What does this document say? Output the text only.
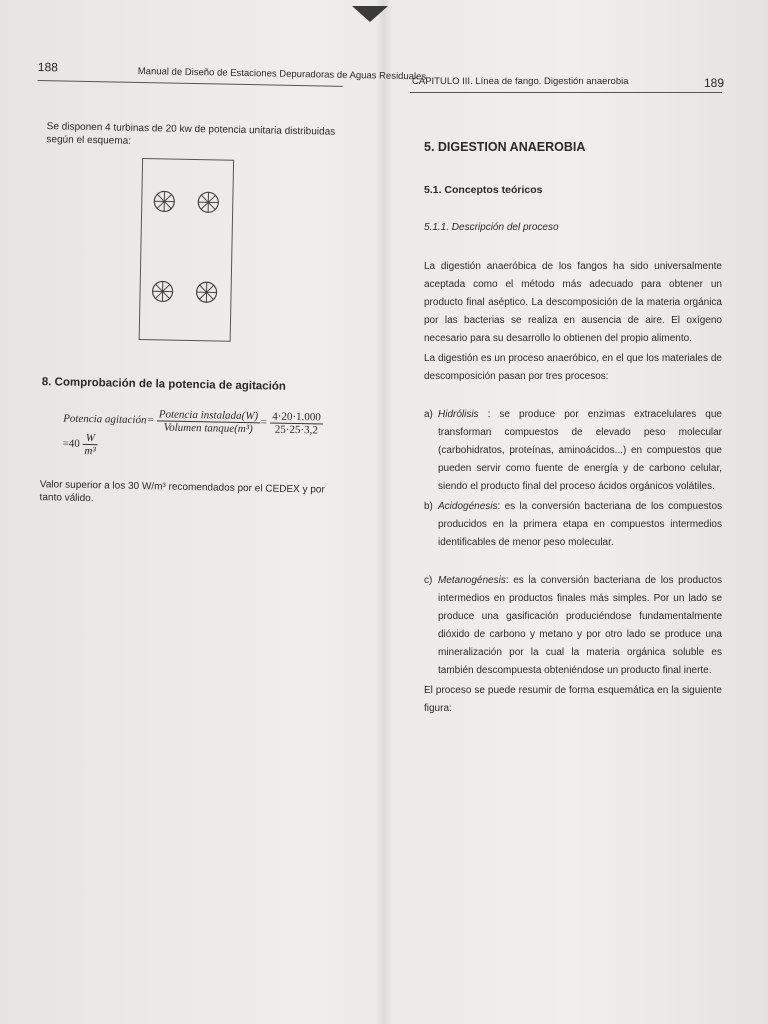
188	Manual de Diseño de Estaciones Depuradoras de Aguas Residuales

Se disponen 4 turbinas de 20 kw de potencia unitaria distribuidas según el esquema:

8. Comprobación de la potencia de agitación
Potencia agitación= $\frac{\text{Potencia instalada(W)}}{\text{Volumen tanque(m³)}} = \frac{4\cdot 20\cdot 1.000}{25\cdot 25\cdot 3,2}$
$=40 \frac{W}{\text{m³}}$

Valor superior a los 30 W/m³ recomendados por el CEDEX y por tanto válido.

CAPITULO III. Línea de fango. Digestión anaerobia	189
5. DIGESTION ANAEROBIA
5.1. Conceptos teóricos
5.1.1. Descripción del proceso

La digestión anaeróbica de los fangos ha sido universalmente aceptada como el método más adecuado para obtener un producto final aséptico. La descomposición de la materia orgánica por las bacterias se realiza en ausencia de aire. El oxígeno necesario para su desarrollo lo obtienen del propio alimento.

La digestión es un proceso anaeróbico, en el que los materiales de descomposición pasan por tres procesos:

a) Hidrólisis : se produce por enzimas extracelulares que transforman compuestos de elevado peso molecular (carbohidratos, proteínas, aminoácidos...) en compuestos que pueden servir como fuente de energía y de carbono celular, siendo el producto final del proceso ácidos orgánicos volátiles.
b) Acidogénesis: es la conversión bacteriana de los compuestos producidos en la primera etapa en compuestos intermedios identificables de menor peso molecular.
c) Metanogénesis: es la conversión bacteriana de los productos intermedios en productos finales más simples. Por un lado se produce una gasificación produciéndose fundamentalmente dióxido de carbono y metano y por otro lado se produce una mineralización por la cual la materia orgánica soluble es también descompuesta obteniéndose un producto final inerte.

El proceso se puede resumir de forma esquemática en la siguiente figura:
